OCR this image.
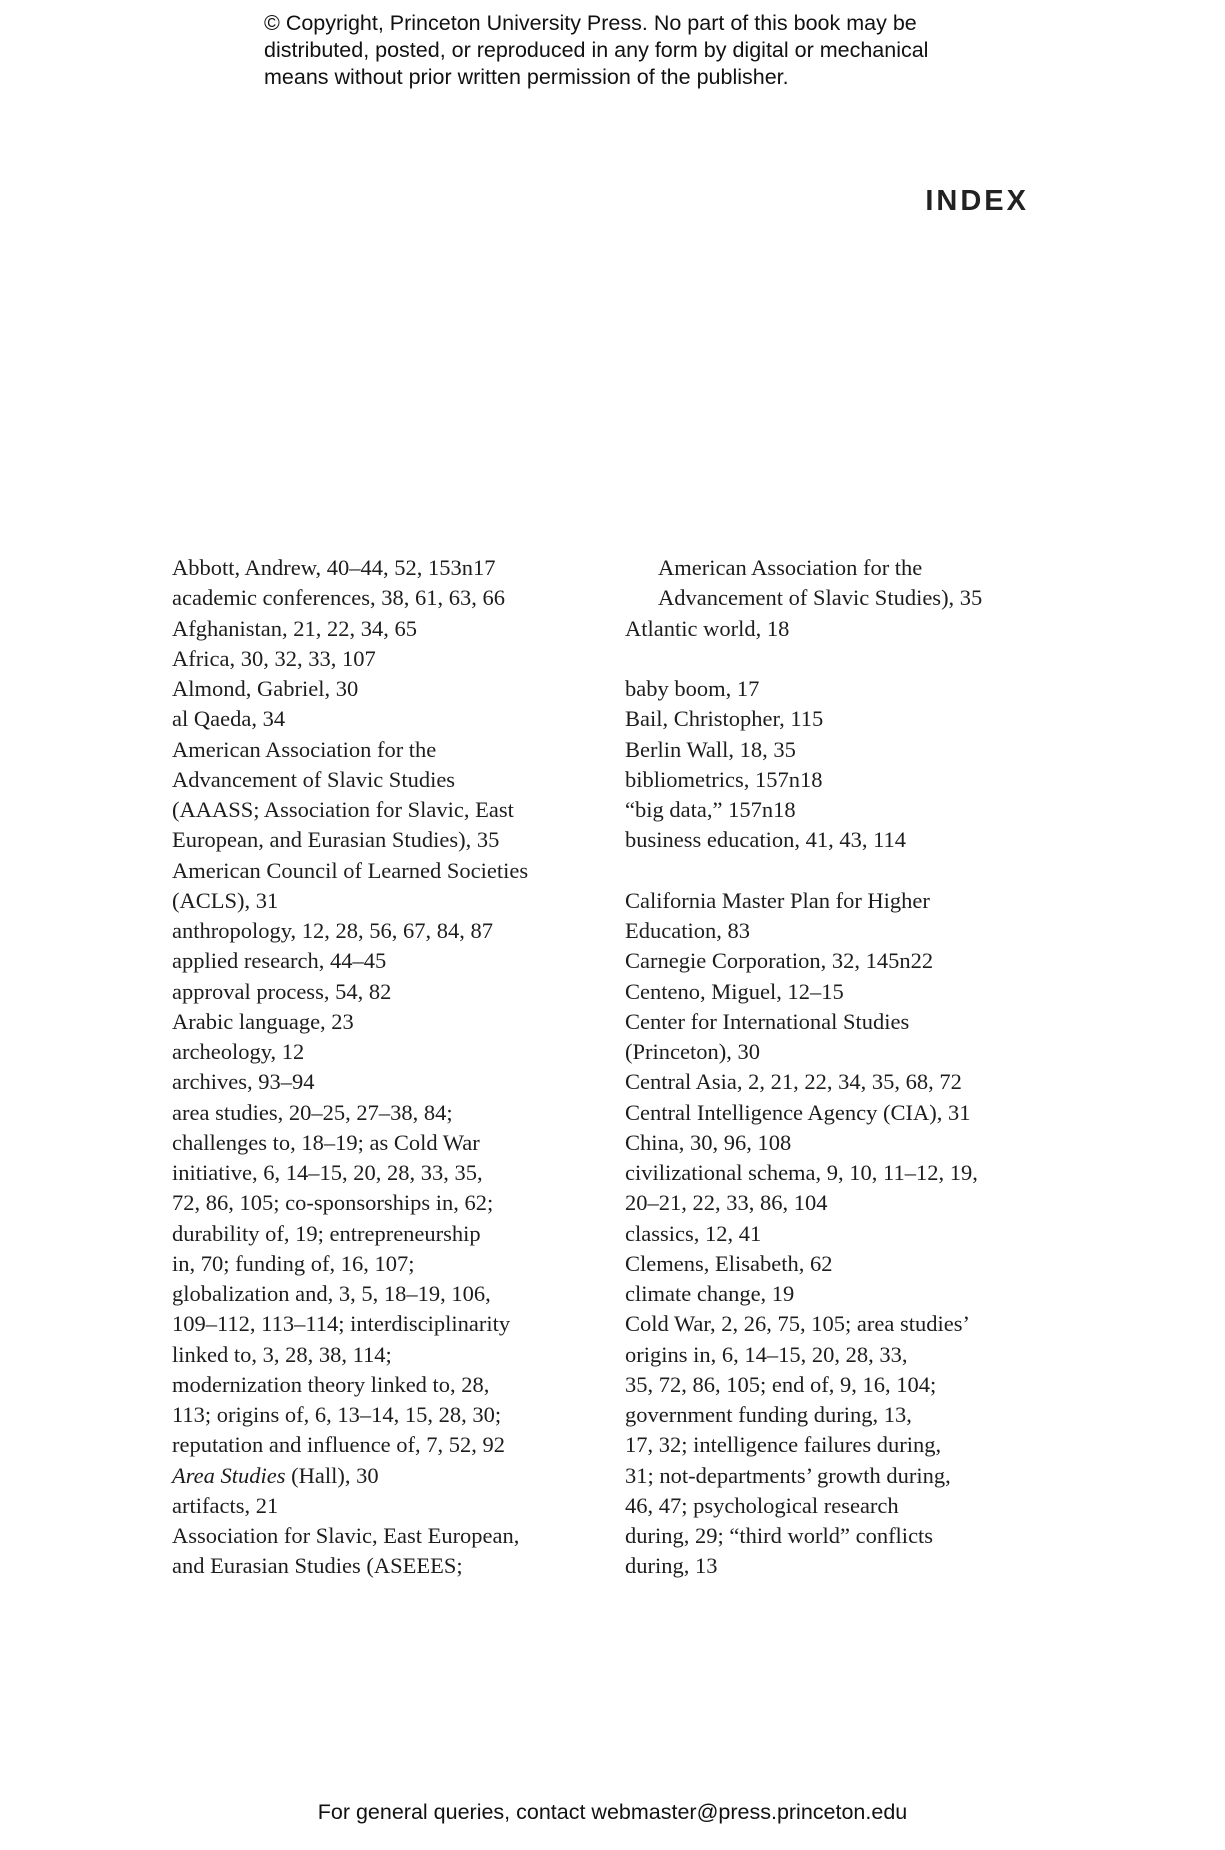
© Copyright, Princeton University Press. No part of this book may be
distributed, posted, or reproduced in any form by digital or mechanical
means without prior written permission of the publisher.
INDEX
Abbott, Andrew, 40–44, 52, 153n17
academic conferences, 38, 61, 63, 66
Afghanistan, 21, 22, 34, 65
Africa, 30, 32, 33, 107
Almond, Gabriel, 30
al Qaeda, 34
American Association for the
Advancement of Slavic Studies
(AAASS; Association for Slavic, East
European, and Eurasian Studies), 35
American Council of Learned Societies
(ACLS), 31
anthropology, 12, 28, 56, 67, 84, 87
applied research, 44–45
approval process, 54, 82
Arabic language, 23
archeology, 12
archives, 93–94
area studies, 20–25, 27–38, 84;
challenges to, 18–19; as Cold War
initiative, 6, 14–15, 20, 28, 33, 35,
72, 86, 105; co-sponsorships in, 62;
durability of, 19; entrepreneurship
in, 70; funding of, 16, 107;
globalization and, 3, 5, 18–19, 106,
109–112, 113–114; interdisciplinarity
linked to, 3, 28, 38, 114;
modernization theory linked to, 28,
113; origins of, 6, 13–14, 15, 28, 30;
reputation and influence of, 7, 52, 92
Area Studies (Hall), 30
artifacts, 21
Association for Slavic, East European,
and Eurasian Studies (ASEEES;
American Association for the
Advancement of Slavic Studies), 35
Atlantic world, 18
baby boom, 17
Bail, Christopher, 115
Berlin Wall, 18, 35
bibliometrics, 157n18
“big data,” 157n18
business education, 41, 43, 114
California Master Plan for Higher
Education, 83
Carnegie Corporation, 32, 145n22
Centeno, Miguel, 12–15
Center for International Studies
(Princeton), 30
Central Asia, 2, 21, 22, 34, 35, 68, 72
Central Intelligence Agency (CIA), 31
China, 30, 96, 108
civilizational schema, 9, 10, 11–12, 19,
20–21, 22, 33, 86, 104
classics, 12, 41
Clemens, Elisabeth, 62
climate change, 19
Cold War, 2, 26, 75, 105; area studies’
origins in, 6, 14–15, 20, 28, 33,
35, 72, 86, 105; end of, 9, 16, 104;
government funding during, 13,
17, 32; intelligence failures during,
31; not-departments’ growth during,
46, 47; psychological research
during, 29; “third world” conflicts
during, 13
For general queries, contact webmaster@press.princeton.edu
